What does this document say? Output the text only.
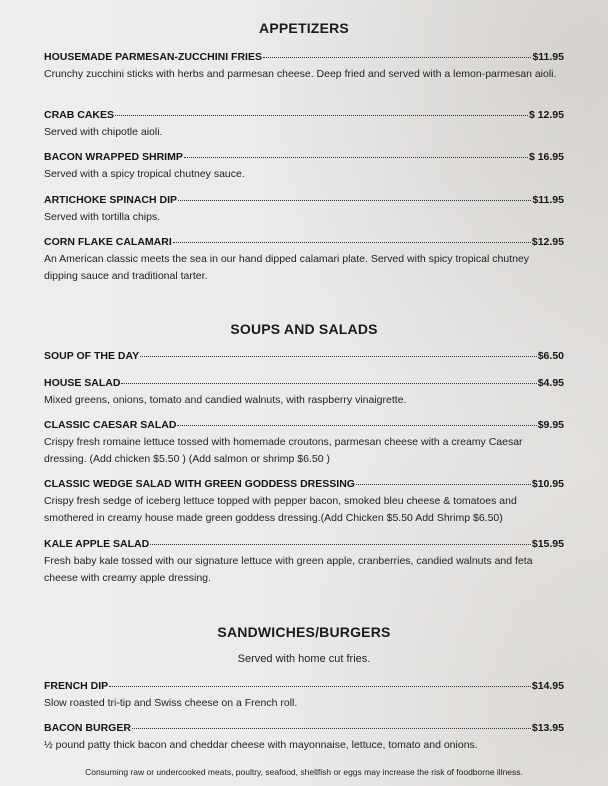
APPETIZERS
HOUSEMADE PARMESAN-ZUCCHINI FRIES	$11.95
Crunchy zucchini sticks with herbs and parmesan cheese. Deep fried and served with a lemon-parmesan aioli.
CRAB CAKES	$ 12.95
Served with chipotle aioli.
BACON WRAPPED SHRIMP	$ 16.95
Served with a spicy tropical chutney sauce.
ARTICHOKE SPINACH DIP	$11.95
Served with tortilla chips.
CORN FLAKE CALAMARI	$12.95
An American classic meets the sea in our hand dipped calamari plate. Served with spicy tropical chutney dipping sauce and traditional tarter.
SOUPS AND SALADS
SOUP OF THE DAY	$6.50
HOUSE SALAD	$4.95
Mixed greens, onions, tomato and candied walnuts, with raspberry vinaigrette.
CLASSIC CAESAR SALAD	$9.95
Crispy fresh romaine lettuce tossed with homemade croutons, parmesan cheese with a creamy Caesar dressing. (Add chicken $5.50 ) (Add salmon or shrimp $6.50 )
CLASSIC WEDGE SALAD WITH GREEN GODDESS DRESSING	$10.95
Crispy fresh sedge of iceberg lettuce topped with pepper bacon, smoked bleu cheese & tomatoes and smothered in creamy house made green goddess dressing.(Add Chicken $5.50 Add Shrimp $6.50)
KALE APPLE SALAD	$15.95
Fresh baby kale tossed with our signature lettuce with green apple, cranberries, candied walnuts and feta cheese with creamy apple dressing.
SANDWICHES/BURGERS
Served with home cut fries.
FRENCH DIP	$14.95
Slow roasted tri-tip and Swiss cheese on a French roll.
BACON BURGER	$13.95
½ pound patty thick bacon and cheddar cheese with mayonnaise, lettuce, tomato and onions.
Consuming raw or undercooked meats, poultry, seafood, shellfish or eggs may increase the risk of foodborne illness.
